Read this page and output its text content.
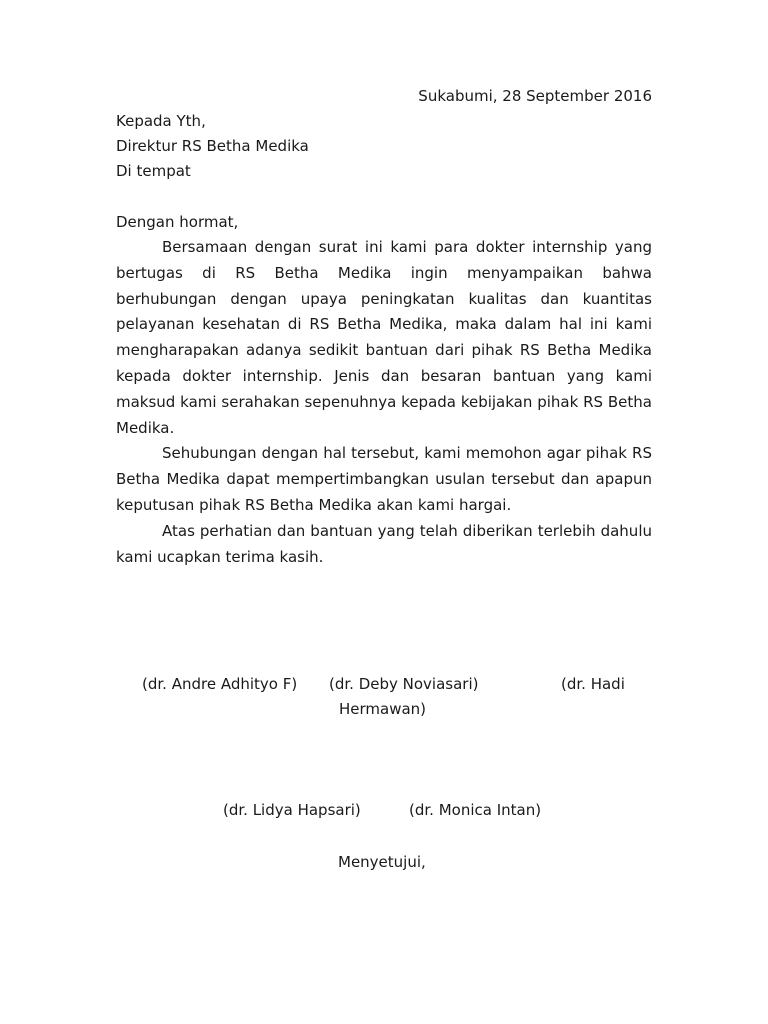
Sukabumi, 28 September 2016
Kepada Yth,
Direktur RS Betha Medika
Di tempat
Dengan hormat,

Bersamaan dengan surat ini kami para dokter internship yang bertugas di RS Betha Medika ingin menyampaikan bahwa berhubungan dengan upaya peningkatan kualitas dan kuantitas pelayanan kesehatan di RS Betha Medika, maka dalam hal ini kami mengharapakan adanya sedikit bantuan dari pihak RS Betha Medika kepada dokter internship. Jenis dan besaran bantuan yang kami maksud kami serahakan sepenuhnya kepada kebijakan pihak RS Betha Medika.

Sehubungan dengan hal tersebut, kami memohon agar pihak RS Betha Medika dapat mempertimbangkan usulan tersebut dan apapun keputusan pihak RS Betha Medika akan kami hargai.

Atas perhatian dan bantuan yang telah diberikan terlebih dahulu kami ucapkan terima kasih.

(dr. Andre Adhityo F) (dr. Deby Noviasari)	(dr. Hadi
Hermawan)
(dr. Lidya Hapsari)	(dr. Monica Intan)
Menyetujui,
